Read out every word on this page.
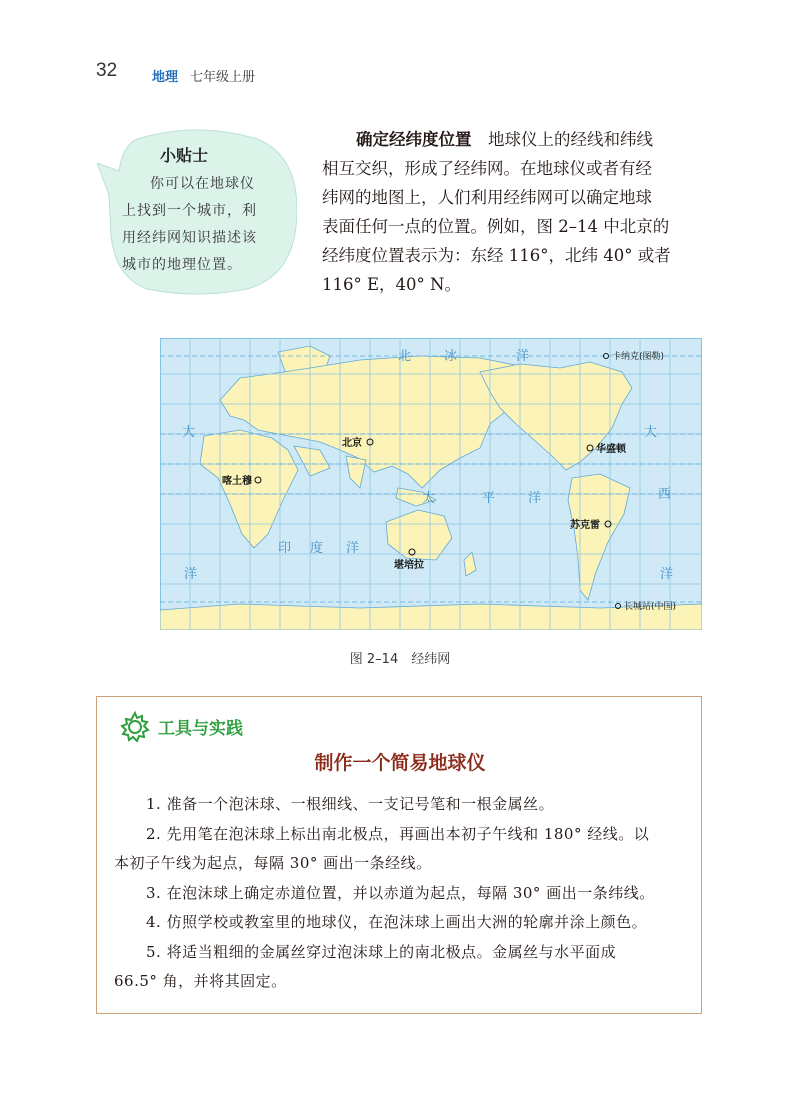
32	地理 七年级上册
小贴士
你可以在地球仪
上找到一个城市，利
用经纬网知识描述该
城市的地理位置。
确定经纬度位置　 地球仪上的经线和纬线
相互交织，形成了经纬网。在地球仪或者有经
纬网的地图上，人们利用经纬网可以确定地球
表面任何一点的位置。例如，图 2–14 中北京的
经纬度位置表示为：东经 116°，北纬 40° 或者
116° E，40° N。
北	冰	洋
大
太	平	洋
印 度 洋
大
西
洋	洋
北京
华盛顿
喀土穆
堪培拉
苏克雷
卡纳克(图勒)
长城站(中国)
图 2–14　经纬网
工具与实践
制作一个简易地球仪
1. 准备一个泡沫球、一根细线、一支记号笔和一根金属丝。
2. 先用笔在泡沫球上标出南北极点，再画出本初子午线和 180° 经线。以
本初子午线为起点，每隔 30° 画出一条经线。
3. 在泡沫球上确定赤道位置，并以赤道为起点，每隔 30° 画出一条纬线。
4. 仿照学校或教室里的地球仪，在泡沫球上画出大洲的轮廓并涂上颜色。
5. 将适当粗细的金属丝穿过泡沫球上的南北极点。金属丝与水平面成
66.5° 角，并将其固定。
